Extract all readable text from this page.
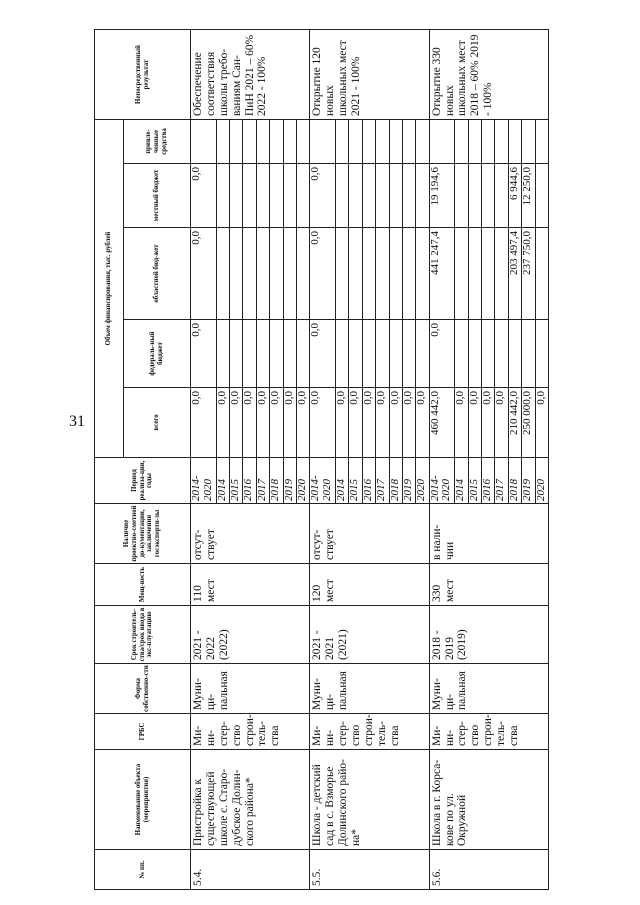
31
№ пп.	Наименование объекта (мероприятия)	ГРБС	Форма собственно-сти	Срок строитель-ства/срок ввода в экс-плуатацию	Мощ-ность	Наличие проектно-сметной до-кументации, заключения госэксперти-зы	Период реализа-ции, годы	Объем финансирования, тыс. рублей					Непосредственный результат
								всего	федераль-ный бюджет	областной бюд-жет	местный бюджет	привле-ченные средства	
5.4.	Пристройка к существующей школе с. Старо-дубское Долин-ского района*	Ми-ни-стер-ство строи-тель-ства	Муни-ци-пальная	2021 - 2022 (2022)	110 мест	отсут-ствует	2014-2020	0,0	0,0	0,0	0,0		Обеспечение соответствия школы требо-ваниям Сан-ПиН 2021 – 60% 2022 - 100%
							2014	0,0					
							2015	0,0					
							2016	0,0					
							2017	0,0					
							2018	0,0					
							2019	0,0					
							2020	0,0					
5.5.	Школа - детский сад в с. Взморье Долинского райо-на*	Ми-ни-стер-ство строи-тель-ства	Муни-ци-пальная	2021 - 2021 (2021)	120 мест	отсут-ствует	2014-2020	0,0	0,0	0,0	0,0		Открытие 120 новых школьных мест 2021 - 100%
							2014	0,0					
							2015	0,0					
							2016	0,0					
							2017	0,0					
							2018	0,0					
							2019	0,0					
							2020	0,0					
5.6.	Школа в г. Корса-кове по ул. Окружной	Ми-ни-стер-ство строи-тель-ства	Муни-ци-пальная	2018 - 2019 (2019)	330 мест	в нали-чии	2014-2020	460 442,0	0,0	441 247,4	19 194,6		Открытие 330 новых школьных мест 2018 – 60% 2019 - 100%
							2014	0,0					
							2015	0,0					
							2016	0,0					
							2017	0,0					
							2018	210 442,0		203 497,4	6 944,6		
							2019	250 000,0		237 750,0	12 250,0		
							2020	0,0					
